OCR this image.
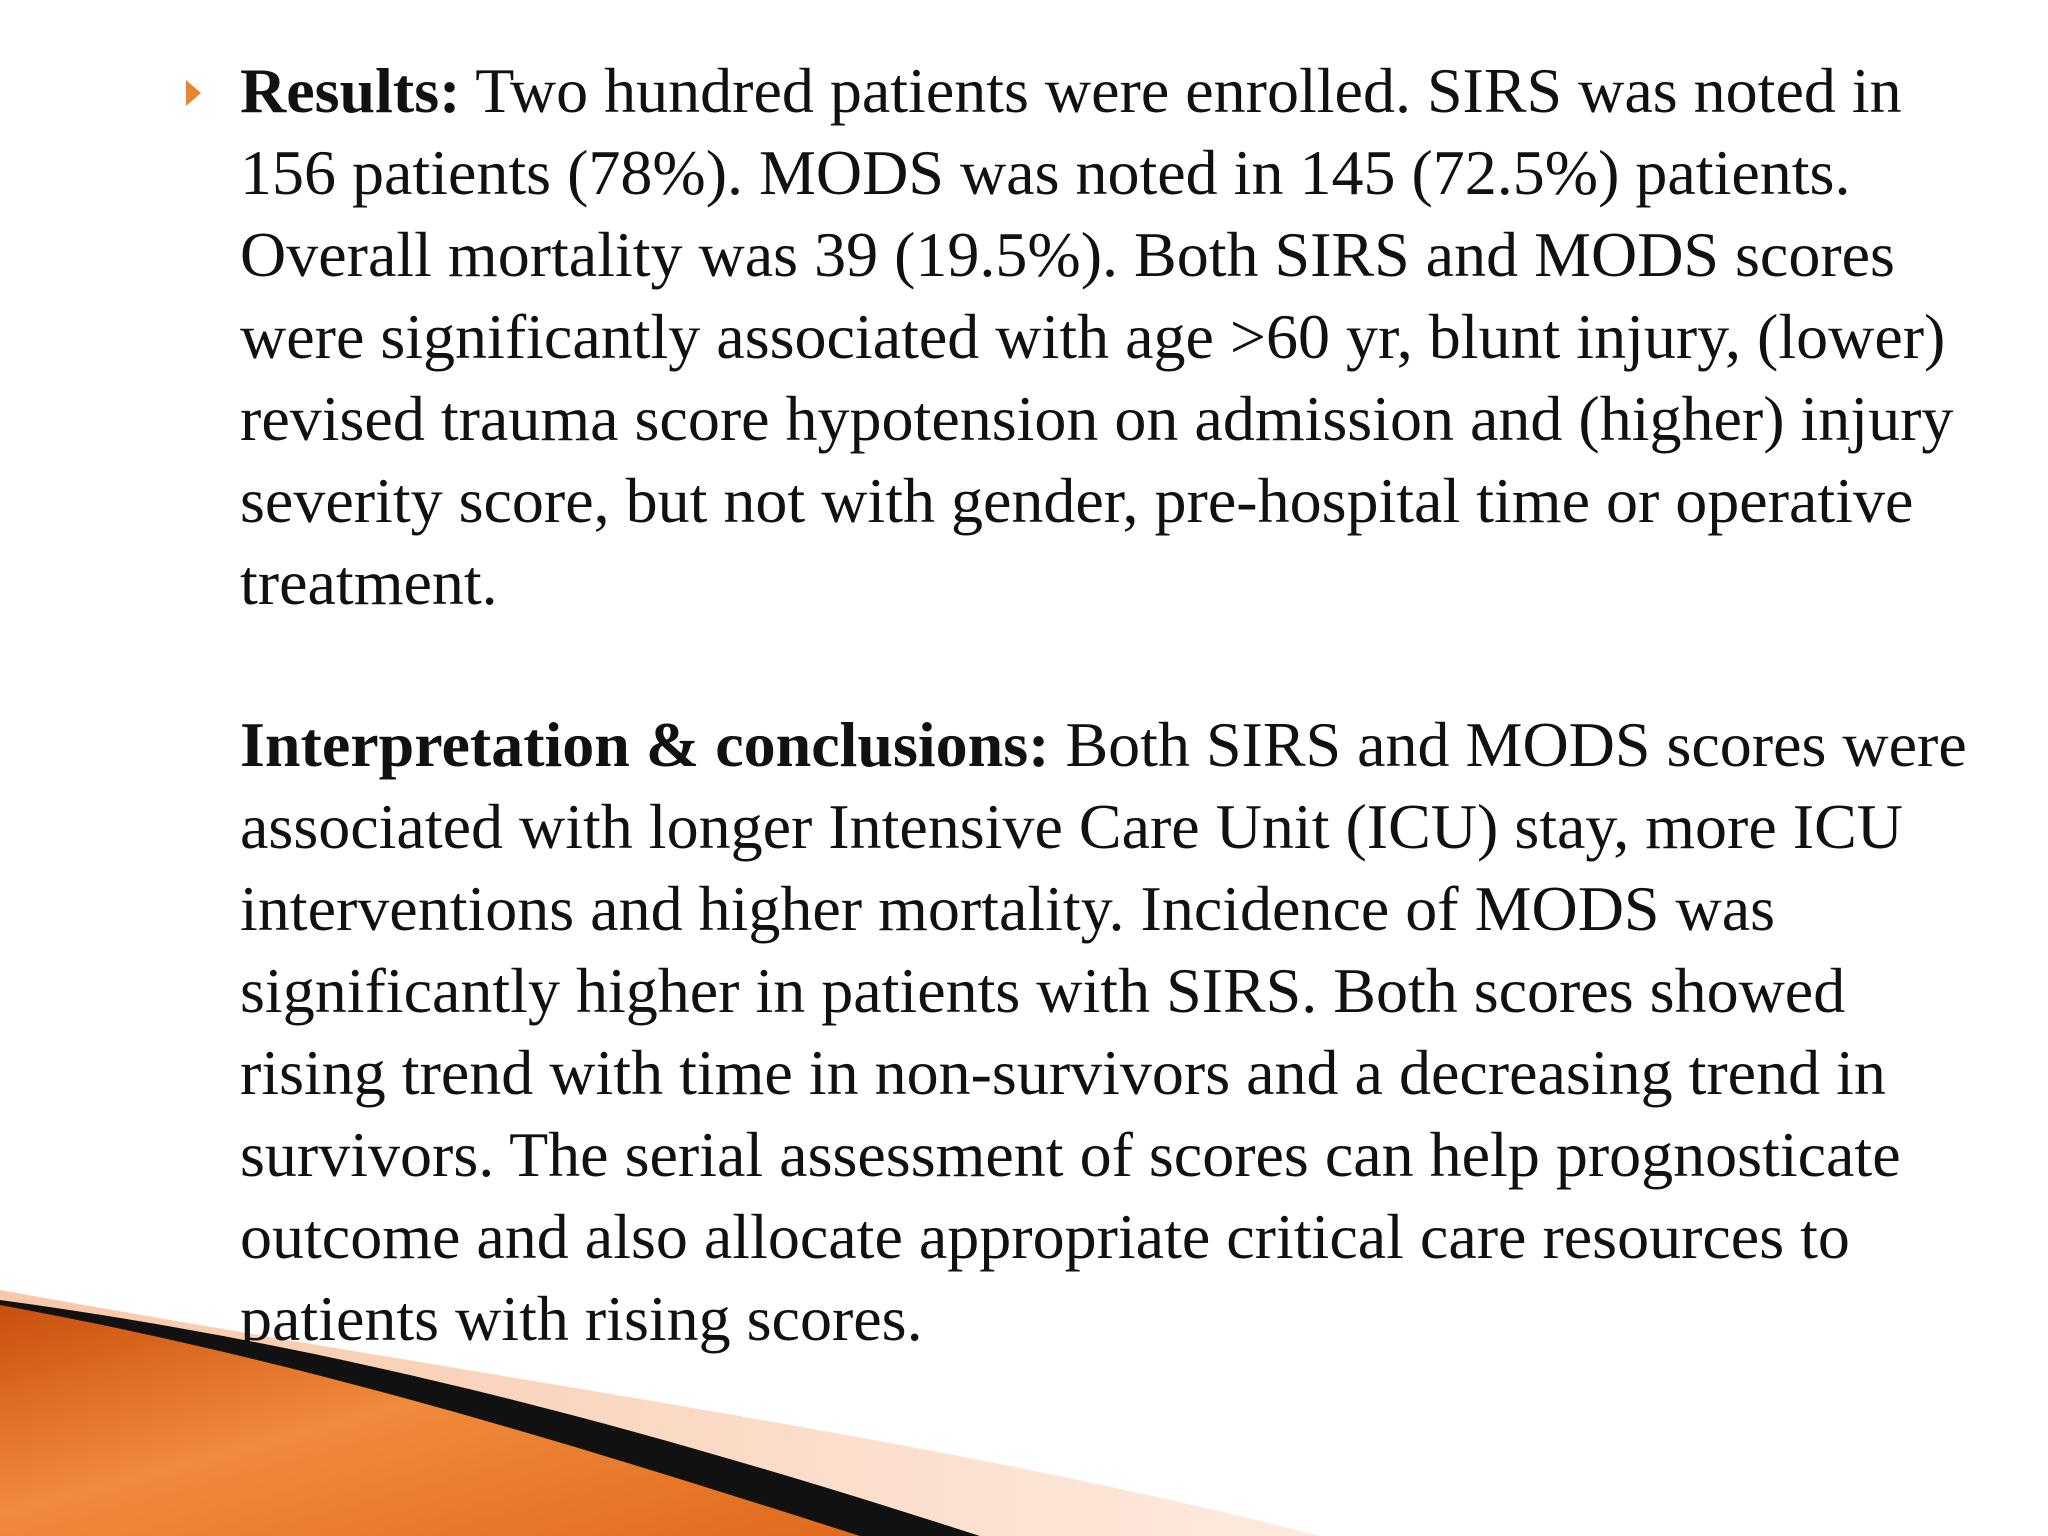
Results: Two hundred patients were enrolled. SIRS was noted in 156 patients (78%). MODS was noted in 145 (72.5%) patients. Overall mortality was 39 (19.5%). Both SIRS and MODS scores were significantly associated with age >60 yr, blunt injury, (lower) revised trauma score hypotension on admission and (higher) injury severity score, but not with gender, pre-hospital time or operative treatment.

Interpretation & conclusions: Both SIRS and MODS scores were associated with longer Intensive Care Unit (ICU) stay, more ICU interventions and higher mortality. Incidence of MODS was significantly higher in patients with SIRS. Both scores showed rising trend with time in non-survivors and a decreasing trend in survivors. The serial assessment of scores can help prognosticate outcome and also allocate appropriate critical care resources to patients with rising scores.
